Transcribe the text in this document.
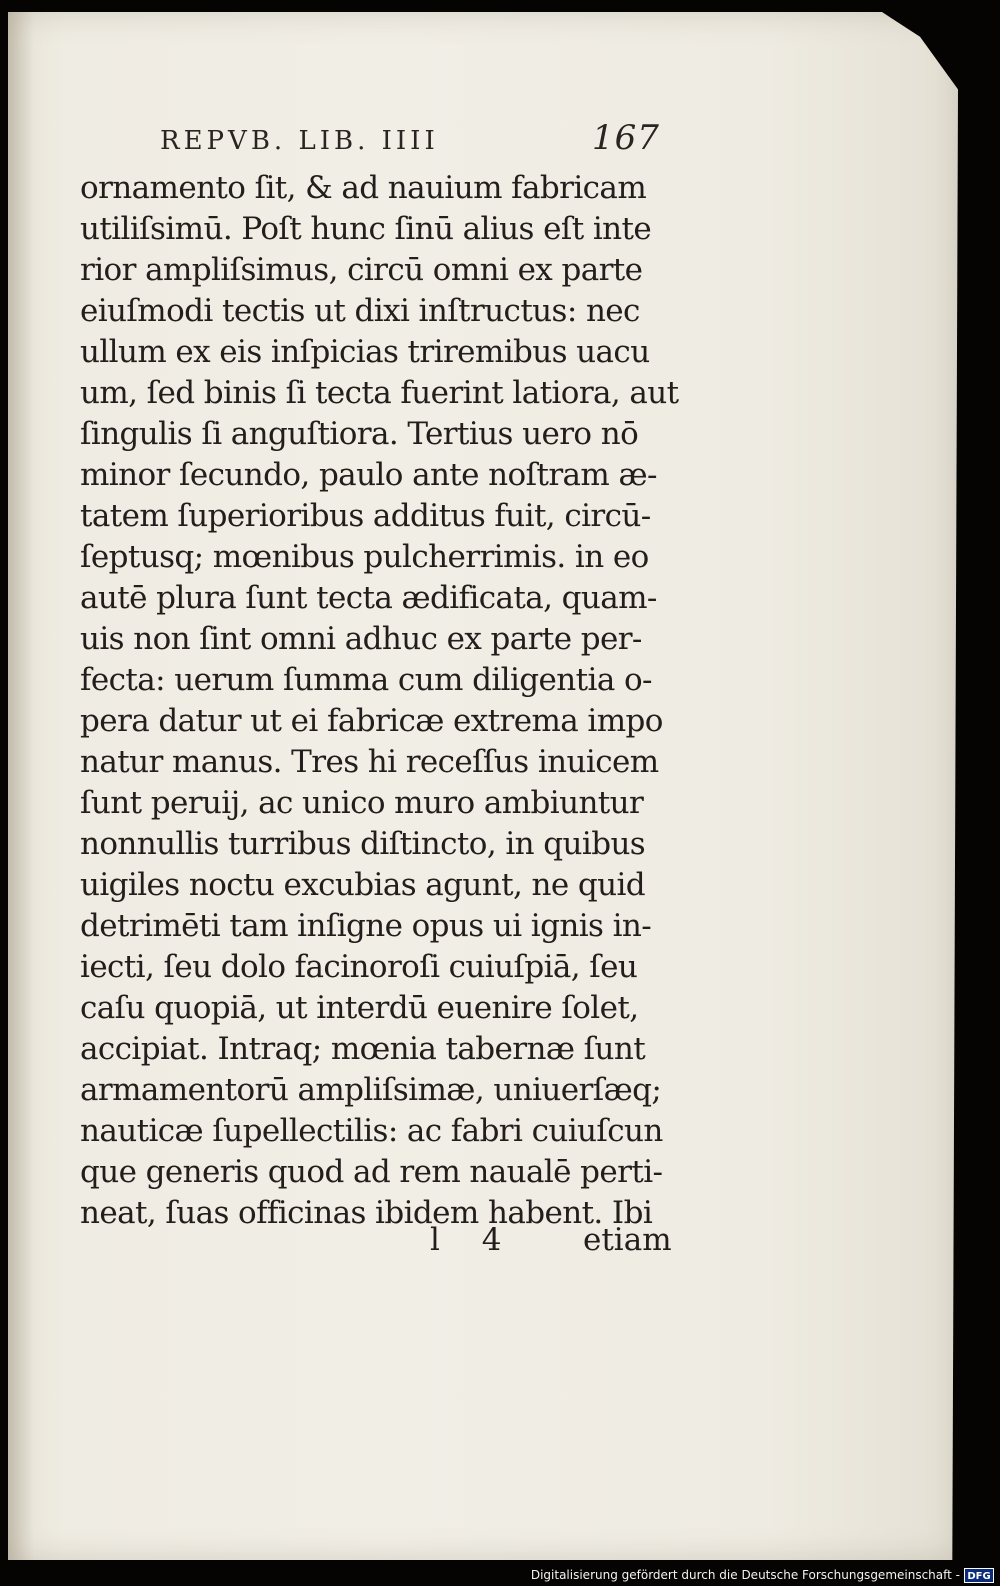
REPVB. LIB. IIII	167
ornamento ſit, & ad nauium fabricam
utiliſsimū. Poſt hunc ſinū alius eſt inte
rior ampliſsimus, circū omni ex parte
eiuſmodi tectis ut dixi inſtructus: nec
ullum ex eis inſpicias triremibus uacu
um, ſed binis ſi tecta fuerint latiora, aut
ſingulis ſi anguſtiora. Tertius uero nō
minor ſecundo, paulo ante noſtram æ-
tatem ſuperioribus additus fuit, circū-
ſeptusq; mœnibus pulcherrimis. in eo
autē plura ſunt tecta ædificata, quam-
uis non ſint omni adhuc ex parte per-
fecta: uerum ſumma cum diligentia o-
pera datur ut ei fabricæ extrema impo
natur manus. Tres hi receſſus inuicem
ſunt peruij, ac unico muro ambiuntur
nonnullis turribus diſtincto, in quibus
uigiles noctu excubias agunt, ne quid
detrimēti tam inſigne opus ui ignis in-
iecti, ſeu dolo facinoroſi cuiuſpiā, ſeu
caſu quopiā, ut interdū euenire ſolet,
accipiat. Intraq; mœnia tabernæ ſunt
armamentorū ampliſsimæ, uniuerſæq;
nauticæ ſupellectilis: ac fabri cuiuſcun
que generis quod ad rem naualē perti-
neat, ſuas officinas ibidem habent. Ibi
l 4 etiam
Digitalisierung gefördert durch die Deutsche Forschungsgemeinschaft - DFG
